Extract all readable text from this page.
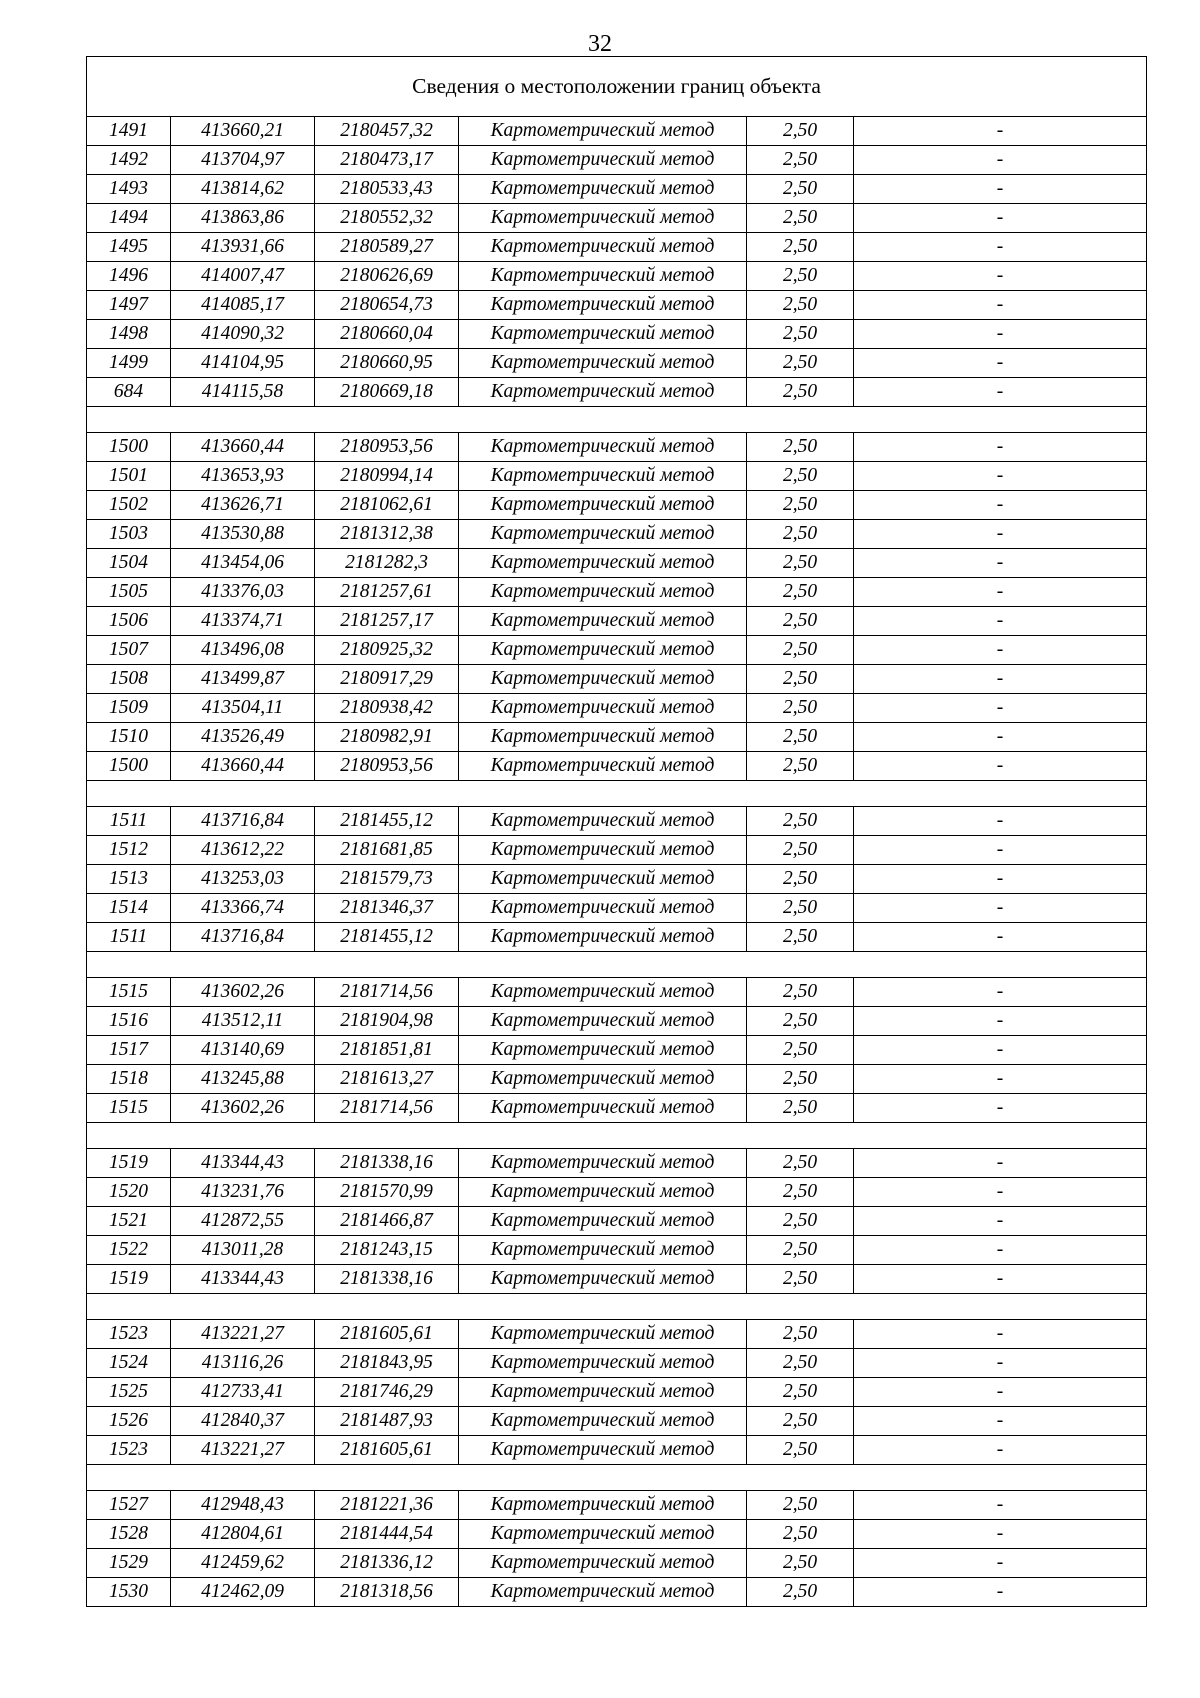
32
Сведения о местоположении границ объекта					
1491	413660,21	2180457,32	Картометрический метод	2,50	-
1492	413704,97	2180473,17	Картометрический метод	2,50	-
1493	413814,62	2180533,43	Картометрический метод	2,50	-
1494	413863,86	2180552,32	Картометрический метод	2,50	-
1495	413931,66	2180589,27	Картометрический метод	2,50	-
1496	414007,47	2180626,69	Картометрический метод	2,50	-
1497	414085,17	2180654,73	Картометрический метод	2,50	-
1498	414090,32	2180660,04	Картометрический метод	2,50	-
1499	414104,95	2180660,95	Картометрический метод	2,50	-
684	414115,58	2180669,18	Картометрический метод	2,50	-

1500	413660,44	2180953,56	Картометрический метод	2,50	-
1501	413653,93	2180994,14	Картометрический метод	2,50	-
1502	413626,71	2181062,61	Картометрический метод	2,50	-
1503	413530,88	2181312,38	Картометрический метод	2,50	-
1504	413454,06	2181282,3	Картометрический метод	2,50	-
1505	413376,03	2181257,61	Картометрический метод	2,50	-
1506	413374,71	2181257,17	Картометрический метод	2,50	-
1507	413496,08	2180925,32	Картометрический метод	2,50	-
1508	413499,87	2180917,29	Картометрический метод	2,50	-
1509	413504,11	2180938,42	Картометрический метод	2,50	-
1510	413526,49	2180982,91	Картометрический метод	2,50	-
1500	413660,44	2180953,56	Картометрический метод	2,50	-

1511	413716,84	2181455,12	Картометрический метод	2,50	-
1512	413612,22	2181681,85	Картометрический метод	2,50	-
1513	413253,03	2181579,73	Картометрический метод	2,50	-
1514	413366,74	2181346,37	Картометрический метод	2,50	-
1511	413716,84	2181455,12	Картометрический метод	2,50	-

1515	413602,26	2181714,56	Картометрический метод	2,50	-
1516	413512,11	2181904,98	Картометрический метод	2,50	-
1517	413140,69	2181851,81	Картометрический метод	2,50	-
1518	413245,88	2181613,27	Картометрический метод	2,50	-
1515	413602,26	2181714,56	Картометрический метод	2,50	-

1519	413344,43	2181338,16	Картометрический метод	2,50	-
1520	413231,76	2181570,99	Картометрический метод	2,50	-
1521	412872,55	2181466,87	Картометрический метод	2,50	-
1522	413011,28	2181243,15	Картометрический метод	2,50	-
1519	413344,43	2181338,16	Картометрический метод	2,50	-

1523	413221,27	2181605,61	Картометрический метод	2,50	-
1524	413116,26	2181843,95	Картометрический метод	2,50	-
1525	412733,41	2181746,29	Картометрический метод	2,50	-
1526	412840,37	2181487,93	Картометрический метод	2,50	-
1523	413221,27	2181605,61	Картометрический метод	2,50	-

1527	412948,43	2181221,36	Картометрический метод	2,50	-
1528	412804,61	2181444,54	Картометрический метод	2,50	-
1529	412459,62	2181336,12	Картометрический метод	2,50	-
1530	412462,09	2181318,56	Картометрический метод	2,50	-
